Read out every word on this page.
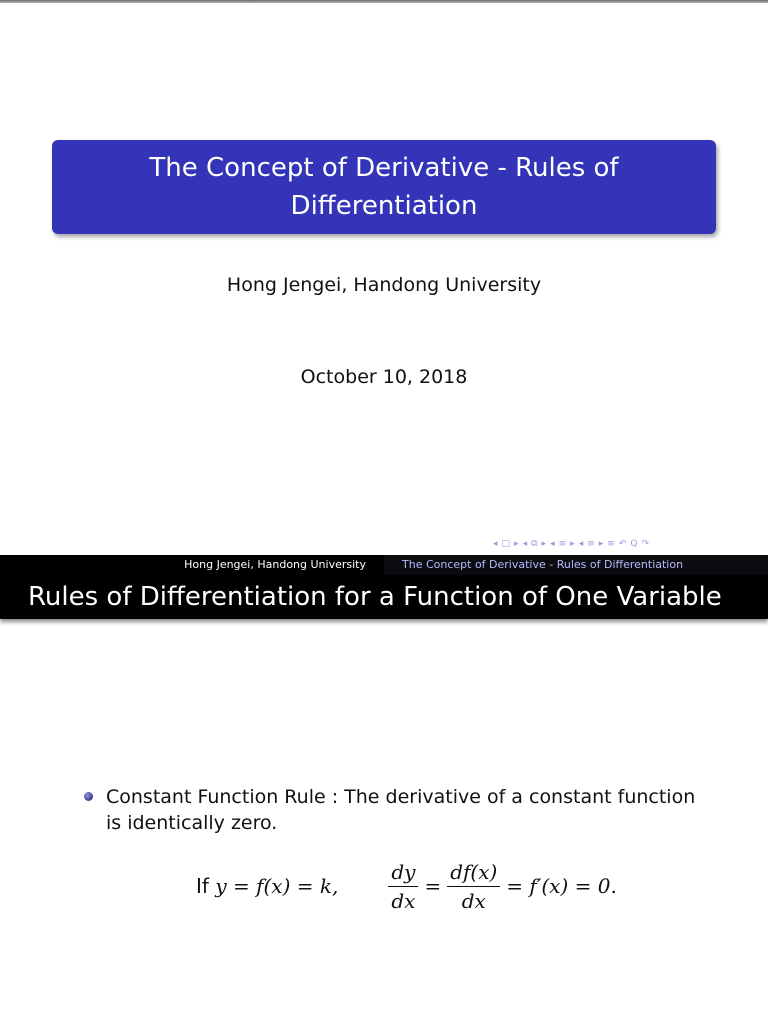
The Concept of Derivative - Rules of Differentiation
Hong Jengei, Handong University
October 10, 2018
◂ □ ▸ ◂ ⧉ ▸ ◂ ≡ ▸ ◂ ≡ ▸ ≡ ↶ Q ↷
Hong Jengei, Handong University	The Concept of Derivative - Rules of Differentiation
Rules of Differentiation for a Function of One Variable
Constant Function Rule : The derivative of a constant function is identically zero.
If
y = f(x) = k,	$\frac{dy}{dx} = \frac{df(x)}{dx} = f'(x) = 0$.
